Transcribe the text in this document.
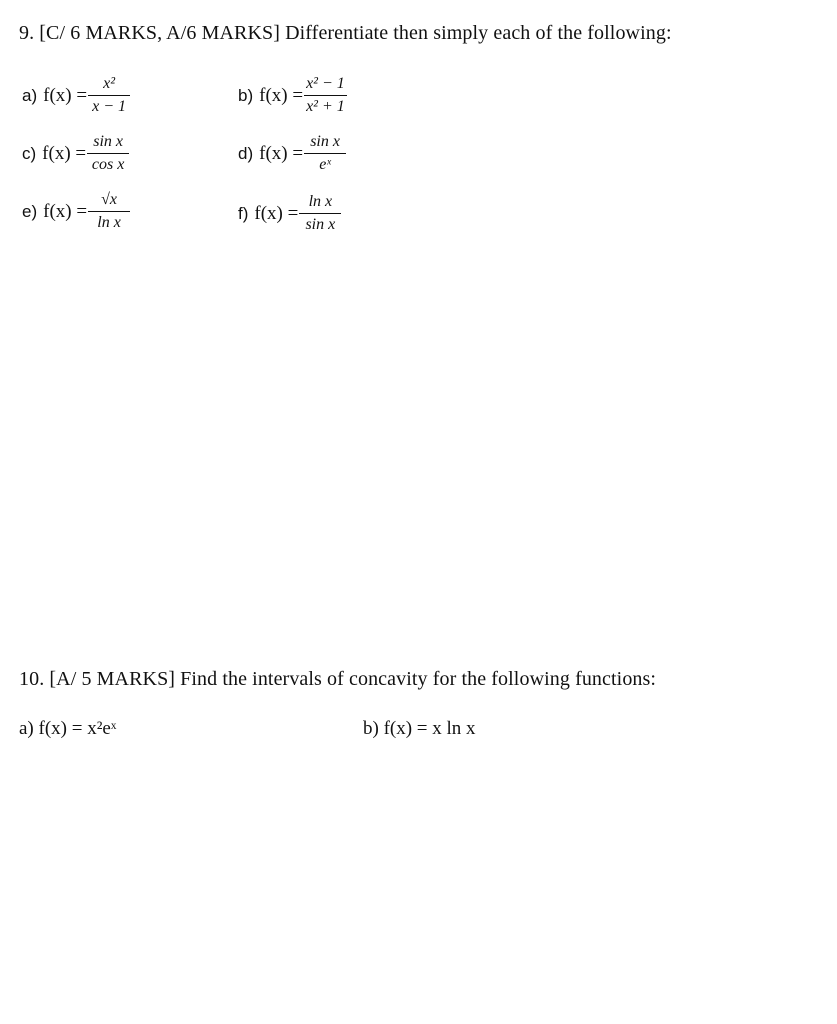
9. [C/ 6 MARKS, A/6 MARKS] Differentiate then simply each of the following:
a) $f(x) = \frac{\text{x²}}{x - 1}$	b) $f(x) = \frac{\text{x² − 1}}{\text{x² + 1}}$
c) $f(x) = \frac{\text{sin x}}{\text{cos x}}$	d) $f(x) = \frac{\text{sin x}}{\text{eˣ}}$
e) $f(x) = \frac{√x}{\text{ln x}}$	f) $f(x) = \frac{\text{ln x}}{\text{sin x}}$
10. [A/ 5 MARKS] Find the intervals of concavity for the following functions:
a) f(x) = x²eˣ	b) f(x) = x ln x
